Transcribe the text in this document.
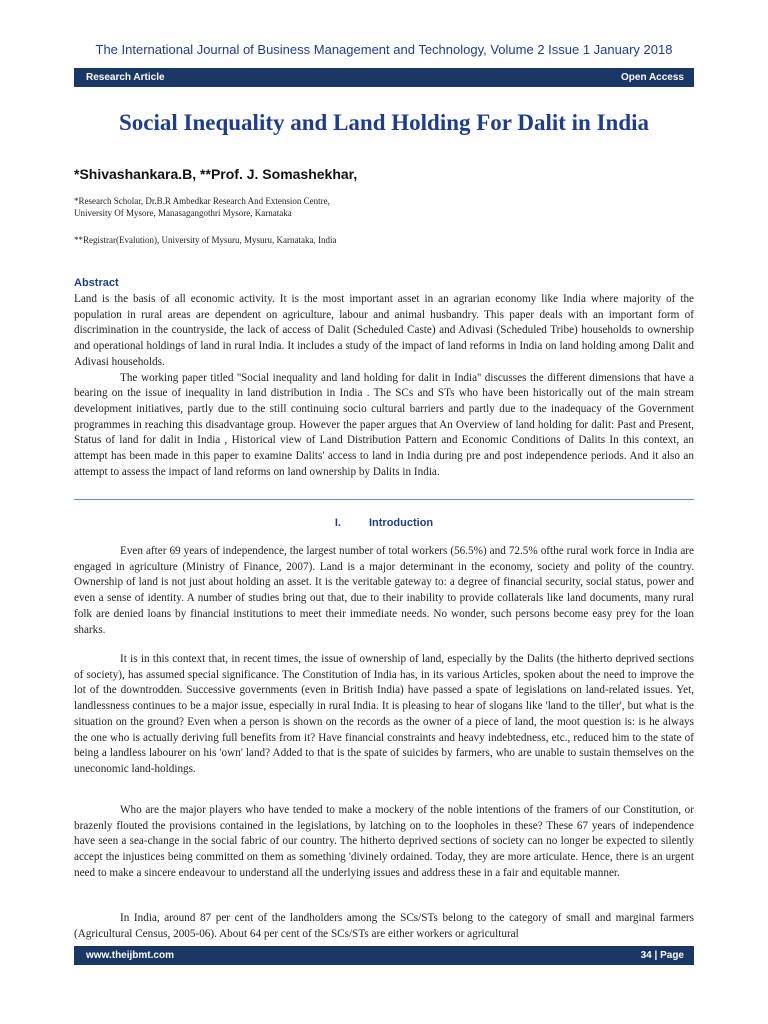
The International Journal of Business Management and Technology, Volume 2 Issue 1 January 2018
Research Article	Open Access
Social Inequality and Land Holding For Dalit in India
*Shivashankara.B, **Prof. J. Somashekhar,
*Research Scholar, Dr.B.R Ambedkar Research And Extension Centre,
University Of Mysore, Manasagangothri Mysore, Karnataka
**Registrar(Evalution), University of Mysuru, Mysuru, Karnataka, India
Abstract

Land is the basis of all economic activity. It is the most important asset in an agrarian economy like India where majority of the population in rural areas are dependent on agriculture, labour and animal husbandry. This paper deals with an important form of discrimination in the countryside, the lack of access of Dalit (Scheduled Caste) and Adivasi (Scheduled Tribe) households to ownership and operational holdings of land in rural India. It includes a study of the impact of land reforms in India on land holding among Dalit and Adivasi households.

The working paper titled ''Social inequality and land holding for dalit in India'' discusses the different dimensions that have a bearing on the issue of inequality in land distribution in India . The SCs and STs who have been historically out of the main stream development initiatives, partly due to the still continuing socio cultural barriers and partly due to the inadequacy of the Government programmes in reaching this disadvantage group. However the paper argues that An Overview of land holding for dalit: Past and Present, Status of land for dalit in India , Historical view of Land Distribution Pattern and Economic Conditions of Dalits In this context, an attempt has been made in this paper to examine Dalits' access to land in India during pre and post independence periods. And it also an attempt to assess the impact of land reforms on land ownership by Dalits in India.

I.	Introduction
Even after 69 years of independence, the largest number of total workers (56.5%) and 72.5% ofthe rural work force in India are engaged in agriculture (Ministry of Finance, 2007). Land is a major determinant in the economy, society and polity of the country. Ownership of land is not just about holding an asset. It is the veritable gateway to: a degree of financial security, social status, power and even a sense of identity. A number of studies bring out that, due to their inability to provide collaterals like land documents, many rural folk are denied loans by financial institutions to meet their immediate needs. No wonder, such persons become easy prey for the loan sharks.
It is in this context that, in recent times, the issue of ownership of land, especially by the Dalits (the hitherto deprived sections of society), has assumed special significance. The Constitution of India has, in its various Articles, spoken about the need to improve the lot of the downtrodden. Successive governments (even in British India) have passed a spate of legislations on land-related issues. Yet, landlessness continues to be a major issue, especially in rural India. It is pleasing to hear of slogans like 'land to the tiller', but what is the situation on the ground? Even when a person is shown on the records as the owner of a piece of land, the moot question is: is he always the one who is actually deriving full benefits from it? Have financial constraints and heavy indebtedness, etc., reduced him to the state of being a landless labourer on his 'own' land? Added to that is the spate of suicides by farmers, who are unable to sustain themselves on the uneconomic land-holdings.
Who are the major players who have tended to make a mockery of the noble intentions of the framers of our Constitution, or brazenly flouted the provisions contained in the legislations, by latching on to the loopholes in these? These 67 years of independence have seen a sea-change in the social fabric of our country. The hitherto deprived sections of society can no longer be expected to silently accept the injustices being committed on them as something 'divinely ordained. Today, they are more articulate. Hence, there is an urgent need to make a sincere endeavour to understand all the underlying issues and address these in a fair and equitable manner.
In India, around 87 per cent of the landholders among the SCs/STs belong to the category of small and marginal farmers (Agricultural Census, 2005-06). About 64 per cent of the SCs/STs are either workers or agricultural
www.theijbmt.com	34 | Page
